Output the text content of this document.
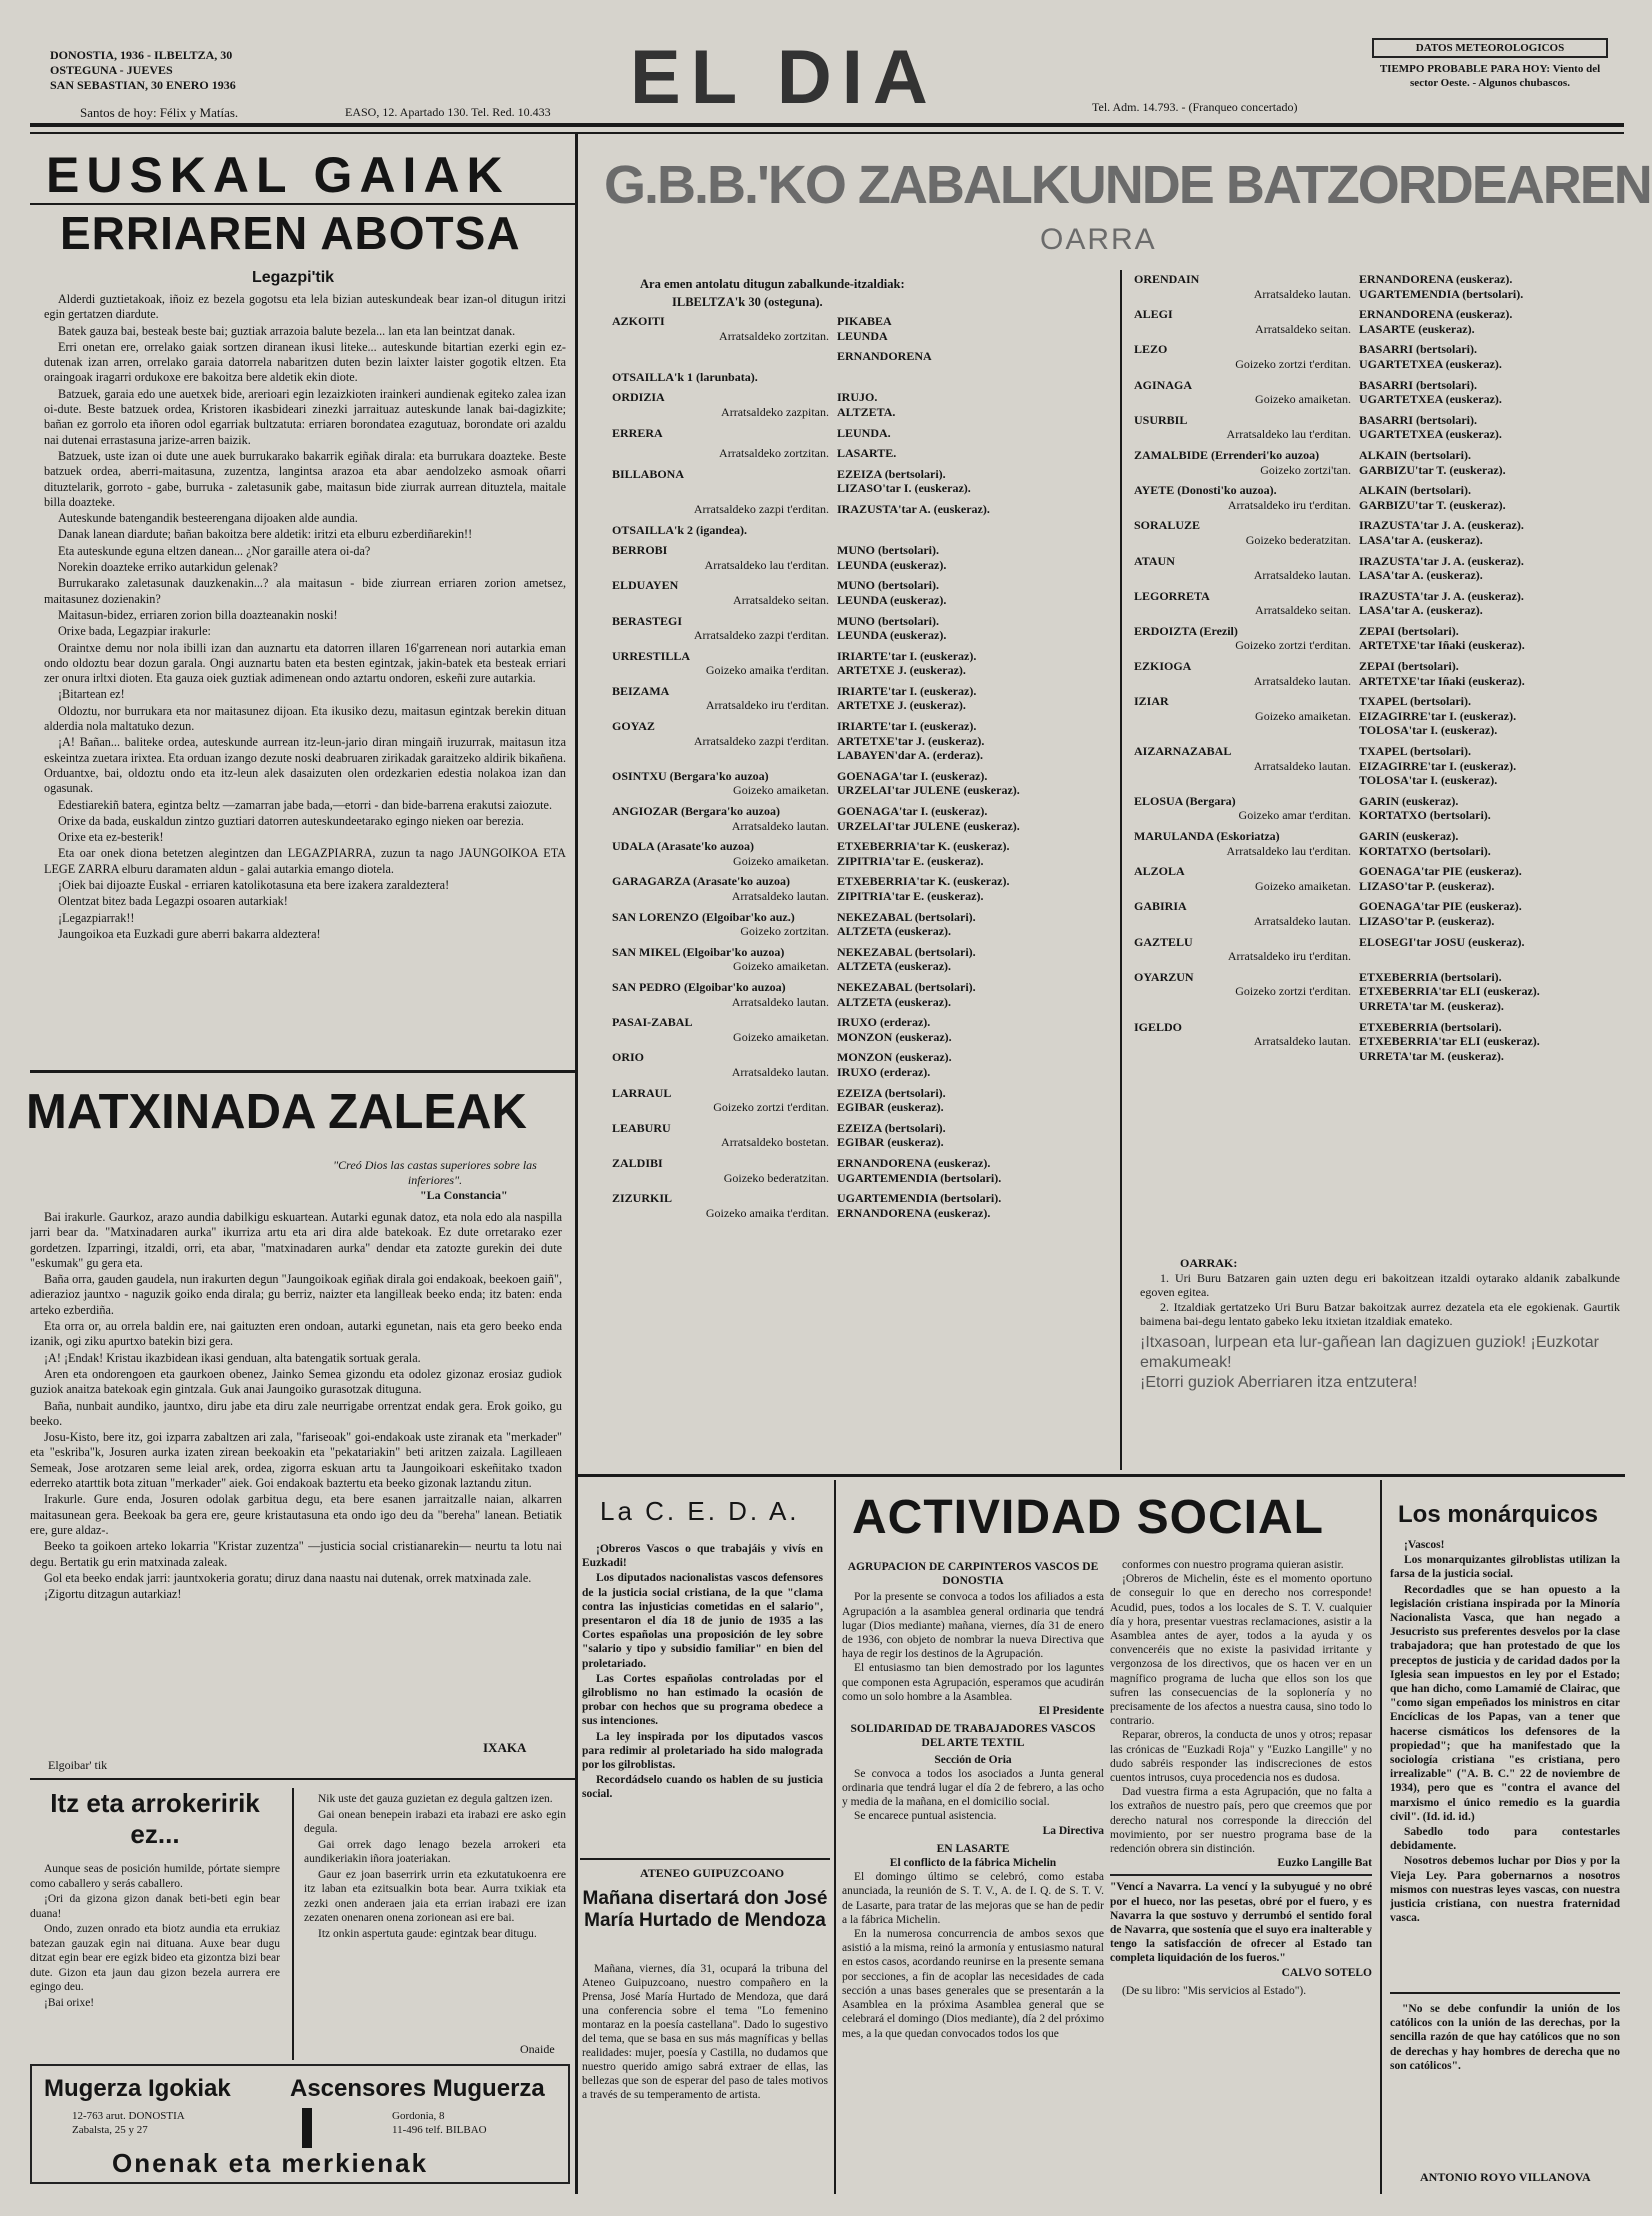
DONOSTIA, 1936 - ILBELTZA, 30
OSTEGUNA - JUEVES
SAN SEBASTIAN, 30 ENERO 1936	EL DIA	DATOS METEOROLOGICOS
TIEMPO PROBABLE PARA HOY: Viento del sector Oeste. - Algunos chubascos.
Santos de hoy: Félix y Matías.	EASO, 12. Apartado 130. Tel. Red. 10.433	Tel. Adm. 14.793. - (Franqueo concertado)
EUSKAL GAIAK
ERRIAREN ABOTSA
Legazpi'tik

Alderdi guztietakoak, iñoiz ez bezela gogotsu eta lela bizian auteskundeak bear izan-ol ditugun iritzi egin gertatzen diardute.

Batek gauza bai, besteak beste bai; guztiak arrazoia balute bezela... lan eta lan beintzat danak.

Erri onetan ere, orrelako gaiak sortzen diranean ikusi liteke... auteskunde bitartian ezerki egin ez-dutenak izan arren, orrelako garaia datorrela nabaritzen duten bezin laixter laister gogotik eltzen. Eta oraingoak iragarri ordukoxe ere bakoitza bere aldetik ekin diote.

Batzuek, garaia edo une auetxek bide, arerioari egin lezaizkioten irainkeri aundienak egiteko zalea izan oi-dute. Beste batzuek ordea, Kristoren ikasbideari zinezki jarraituaz auteskunde lanak bai-dagizkite; bañan ez gorrolo eta iñoren odol egarriak bultzatuta: erriaren borondatea ezagutuaz, borondate ori azaldu nai dutenai errastasuna jarize-arren baizik.

Batzuek, uste izan oi dute une auek burrukarako bakarrik egiñak dirala: eta burrukara doazteke. Beste batzuek ordea, aberri-maitasuna, zuzentza, langintsa arazoa eta abar aendolzeko asmoak oñarri dituztelarik, gorroto - gabe, burruka - zaletasunik gabe, maitasun bide ziurrak aurrean dituztela, maitale billa doazteke.

Auteskunde batengandik besteerengana dijoaken alde aundia.

Danak lanean diardute; bañan bakoitza bere aldetik: iritzi eta elburu ezberdiñarekin!!

Eta auteskunde eguna eltzen danean... ¿Nor garaille atera oi-da?

Norekin doazteke erriko autarkidun gelenak?

Burrukarako zaletasunak dauzkenakin...? ala maitasun - bide ziurrean erriaren zorion ametsez, maitasunez dozienakin?

Maitasun-bidez, erriaren zorion billa doazteanakin noski!

Orixe bada, Legazpiar irakurle:

Oraintxe demu nor nola ibilli izan dan auznartu eta datorren illaren 16'garrenean nori autarkia eman ondo oldoztu bear dozun garala. Ongi auznartu baten eta besten egintzak, jakin-batek eta besteak erriari zer onura irltxi dioten. Eta gauza oiek guztiak adimenean ondo aztartu ondoren, eskeñi zure autarkia.

¡Bitartean ez!

Oldoztu, nor burrukara eta nor maitasunez dijoan. Eta ikusiko dezu, maitasun egintzak berekin dituan alderdia nola maltatuko dezun.

¡A! Bañan... baliteke ordea, auteskunde aurrean itz-leun-jario diran mingaiñ iruzurrak, maitasun itza eskeintza zuetara irixtea. Eta orduan izango dezute noski deabruaren zirikadak garaitzeko aldirik bikañena. Orduantxe, bai, oldoztu ondo eta itz-leun alek dasaizuten olen ordezkarien edestia nolakoa izan dan ogasunak.

Edestiarekiñ batera, egintza beltz —zamarran jabe bada,—etorri - dan bide-barrena erakutsi zaiozute.

Orixe da bada, euskaldun zintzo guztiari datorren auteskundeetarako egingo nieken oar bereziа.

Orixe eta ez-besterik!

Eta oar onek diona betetzen alegintzen dan LEGAZPIARRA, zuzun ta nago JAUNGOIKOA ETA LEGE ZARRA elburu daramaten aldun - galai autarkia emango diotela.

¡Oiek bai dijoazte Euskal - erriaren katolikotasuna eta bere izakera zaraldeztera!

Olentzat bitez bada Legazpi osoaren autarkiak!

¡Legazpiarrak!!

Jaungoikoa eta Euzkadi gure aberri bakarra aldeztera!

MATXINADA ZALEAK
"Creó Dios las castas superiores sobre las inferiores".
"La Constancia"

Bai irakurle. Gaurkoz, arazo aundia dabilkigu eskuartean. Autarki egunak datoz, eta nola edo ala naspilla jarri bear da. "Matxinadaren aurka" ikurriza artu eta ari dira alde batekoak. Ez dute orretarako ezer gordetzen. Izparringi, itzaldi, orri, eta abar, "matxinadaren aurka" dendar eta zatozte gurekin dei dute "eskumak" gu gera eta.

Baña orra, gauden gaudela, nun irakurten degun "Jaungoikoak egiñak dirala goi endakoak, beekoen gaiñ", adierazioz jauntxo - naguzik goiko enda dirala; gu berriz, naizter eta langilleak beeko enda; itz baten: enda arteko ezberdiña.

Eta orra or, au orrela baldin ere, nai gaituzten eren ondoan, autarki egunetan, nais eta gero beeko enda izanik, ogi ziku apurtxo batekin bizi gera.

¡A! ¡Endak! Kristau ikazbidean ikasi genduan, alta batengatik sortuak gerala.

Aren eta ondorengoen eta gaurkoen obenez, Jainko Semea gizondu eta odolez gizonaz erosiaz gudiok guziok anaitza batekoak egin gintzala. Guk anai Jaungoiko gurasotzak dituguna.

Baña, nunbait aundiko, jauntxo, diru jabe eta diru zale neurrigabe orrentzat endak gera. Erok goiko, gu beeko.

Josu-Kisto, bere itz, goi izparra zabaltzen ari zala, "fariseoak" goi-endakoak uste ziranak eta "merkader" eta "eskriba"k, Josuren aurka izaten zirean beekoakin eta "pekatariakin" beti aritzen zaizala. Lagilleaen Semeak, Jose arotzaren seme leial arek, ordea, zigorra eskuan artu ta Jaungoikoari eskeñitako txadon ederreko atarttik bota zituan "merkader" aiek. Goi endakoak baztertu eta beeko gizonak laztandu zitun.

Irakurle. Gure enda, Josuren odolak garbitua degu, eta bere esanen jarraitzalle naian, alkarren maitasunean gera. Beekoak ba gera ere, geure kristautasuna eta ondo igo deu da "bereha" lanean. Betiatik ere, gure aldaz-.

Beeko ta goikoen arteko lokarria "Kristar zuzentza" —justicia social cristianarekin— neurtu ta lotu nai degu. Bertatik gu erin matxinada zaleak.

Gol eta beeko endak jarri: jauntxokeria goratu; diruz dana naastu nai dutenak, orrek matxinada zale.

¡Zigortu ditzagun autarkiaz!

IXAKA
Elgoibar' tik
Itz eta arrokeririk ez...

Aunque seas de posición humilde, pórtate siempre como caballero y serás caballero.

¡Ori da gizona gizon danak beti-beti egin bear duana!

Ondo, zuzen onrado eta biotz aundia eta errukiaz batezan gauzak egin nai dituana. Auxe bear dugu ditzat egin bear ere egizk bideo eta gizontza bizi bear dute. Gizon eta jaun dau gizon bezela aurrera ere egingo deu.

¡Bai orixe!

Nik uste det gauza guzietan ez degula galtzen izen.

Gai onean benepein irabazi eta irabazi ere asko egin degula.

Gai orrek dago lenago bezela arrokeri eta aundikeriakin iñora joateriakan.

Gaur ez joan baserrirk urrin eta ezkutatukoenra ere itz laban eta ezitsualkin bota bear. Aurra txikiak eta zezki onen anderaen jaia eta errian irabazi ere izan zezaten onenaren onena zorionean asi ere bai.

Itz onkin aspertuta gaude: egintzak bear ditugu.

Onaide
Mugerza Igokiak
12-763 arut. DONOSTIA
Zabalsta, 25 y 27
Ascensores Muguerza
Gordonia, 8
11-496 telf. BILBAO
Onenak eta merkienak
G.B.B.'KO ZABALKUNDE BATZORDEAREN
OARRA
Ara emen antolatu ditugun zabalkunde-itzaldiak:
ILBELTZA'k 30 (osteguna).
AZKOITI	PIKABEA
Arratsaldeko zortzitan. LEUNDA
ERNANDORENA
OTSAILLA'k 1 (larunbata).
ORDIZIA	IRUJO.
Arratsaldeko zazpitan. ALTZETA.
ERRERA	LEUNDA.
Arratsaldeko zortzitan. LASARTE.
BILLABONA	EZEIZA (bertsolari).
LIZASO'tar I. (euskeraz).
Arratsaldeko zazpi t'erditan. IRAZUSTA'tar A. (euskeraz).
OTSAILLA'k 2 (igandea).
BERROBI	MUNO (bertsolari).
Arratsaldeko lau t'erditan. LEUNDA (euskeraz).
ELDUAYEN	MUNO (bertsolari).
Arratsaldeko seitan. LEUNDA (euskeraz).
BERASTEGI	MUNO (bertsolari).
Arratsaldeko zazpi t'erditan. LEUNDA (euskeraz).
URRESTILLA	IRIARTE'tar I. (euskeraz).
Goizeko amaika t'erditan. ARTETXE J. (euskeraz).
BEIZAMA	IRIARTE'tar I. (euskeraz).
Arratsaldeko iru t'erditan. ARTETXE J. (euskeraz).
GOYAZ	IRIARTE'tar I. (euskeraz).
Arratsaldeko zazpi t'erditan. ARTETXE'tar J. (euskeraz).
LABAYEN'dar A. (erderaz).
OSINTXU (Bergara'ko auzoa)	GOENAGA'tar I. (euskeraz).
Goizeko amaiketan. URZELAI'tar JULENE (euskeraz).
ANGIOZAR (Bergara'ko auzoa)	GOENAGA'tar I. (euskeraz).
Arratsaldeko lautan. URZELAI'tar JULENE (euskeraz).
UDALA (Arasate'ko auzoa)	ETXEBERRIA'tar K. (euskeraz).
Goizeko amaiketan. ZIPITRIA'tar E. (euskeraz).
GARAGARZA (Arasate'ko auzoa)	ETXEBERRIA'tar K. (euskeraz).
Arratsaldeko lautan. ZIPITRIA'tar E. (euskeraz).
SAN LORENZO (Elgoibar'ko auz.)	NEKEZABAL (bertsolari).
Goizeko zortzitan. ALTZETA (euskeraz).
SAN MIKEL (Elgoibar'ko auzoa)	NEKEZABAL (bertsolari).
Goizeko amaiketan. ALTZETA (euskeraz).
SAN PEDRO (Elgoibar'ko auzoa)	NEKEZABAL (bertsolari).
Arratsaldeko lautan. ALTZETA (euskeraz).
PASAI-ZABAL	IRUXO (erderaz).
Goizeko amaiketan. MONZON (euskeraz).
ORIO	MONZON (euskeraz).
Arratsaldeko lautan. IRUXO (erderaz).
LARRAUL	EZEIZA (bertsolari).
Goizeko zortzi t'erditan. EGIBAR (euskeraz).
LEABURU	EZEIZA (bertsolari).
Arratsaldeko bostetan. EGIBAR (euskeraz).
ZALDIBI	ERNANDORENA (euskeraz).
Goizeko bederatzitan. UGARTEMENDIA (bertsolari).
ZIZURKIL	UGARTEMENDIA (bertsolari).
Goizeko amaika t'erditan. ERNANDORENA (euskeraz).
ORENDAIN	ERNANDORENA (euskeraz).
Arratsaldeko lautan. UGARTEMENDIA (bertsolari).
ALEGI	ERNANDORENA (euskeraz).
Arratsaldeko seitan. LASARTE (euskeraz).
LEZO	BASARRI (bertsolari).
Goizeko zortzi t'erditan. UGARTETXEA (euskeraz).
AGINAGA	BASARRI (bertsolari).
Goizeko amaiketan. UGARTETXEA (euskeraz).
USURBIL	BASARRI (bertsolari).
Arratsaldeko lau t'erditan. UGARTETXEA (euskeraz).
ZAMALBIDE (Errenderi'ko auzoa)	ALKAIN (bertsolari).
Goizeko zortzi'tan. GARBIZU'tar T. (euskeraz).
AYETE (Donosti'ko auzoa).	ALKAIN (bertsolari).
Arratsaldeko iru t'erditan. GARBIZU'tar T. (euskeraz).
SORALUZE	IRAZUSTA'tar J. A. (euskeraz).
Goizeko bederatzitan. LASA'tar A. (euskeraz).
ATAUN	IRAZUSTA'tar J. A. (euskeraz).
Arratsaldeko lautan. LASA'tar A. (euskeraz).
LEGORRETA	IRAZUSTA'tar J. A. (euskeraz).
Arratsaldeko seitan. LASA'tar A. (euskeraz).
ERDOIZTA (Erezil)	ZEPAI (bertsolari).
Goizeko zortzi t'erditan. ARTETXE'tar Iñaki (euskeraz).
EZKIOGA	ZEPAI (bertsolari).
Arratsaldeko lautan. ARTETXE'tar Iñaki (euskeraz).
IZIAR	TXAPEL (bertsolari).
Goizeko amaiketan. EIZAGIRRE'tar I. (euskeraz).
TOLOSA'tar I. (euskeraz).
AIZARNAZABAL	TXAPEL (bertsolari).
Arratsaldeko lautan. EIZAGIRRE'tar I. (euskeraz).
TOLOSA'tar I. (euskeraz).
ELOSUA (Bergara)	GARIN (euskeraz).
Goizeko amar t'erditan. KORTATXO (bertsolari).
MARULANDA (Eskoriatza)	GARIN (euskeraz).
Arratsaldeko lau t'erditan. KORTATXO (bertsolari).
ALZOLA	GOENAGA'tar PIE (euskeraz).
Goizeko amaiketan. LIZASO'tar P. (euskeraz).
GABIRIA	GOENAGA'tar PIE (euskeraz).
Arratsaldeko lautan. LIZASO'tar P. (euskeraz).
GAZTELU	ELOSEGI'tar JOSU (euskeraz).
Arratsaldeko iru t'erditan.
OYARZUN	ETXEBERRIA (bertsolari).
Goizeko zortzi t'erditan. ETXEBERRIA'tar ELI (euskeraz).
URRETA'tar M. (euskeraz).
IGELDO	ETXEBERRIA (bertsolari).
Arratsaldeko lautan. ETXEBERRIA'tar ELI (euskeraz).
URRETA'tar M. (euskeraz).
OARRAK:
1. Uri Buru Batzaren gain uzten degu eri bakoitzean itzaldi oytarako aldanik zabalkunde egoven egitea.
2. Itzaldiak gertatzeko Uri Buru Batzar bakoitzak aurrez dezatela eta ele egokienak. Gaurtik baimena bai-degu lentato gabeko leku itxietan itzaldiak emateko.
¡Itxasoan, lurpean eta lur-gañean lan dagizuen guziok! ¡Euzkotar emakumeak!
¡Etorri guziok Aberriaren itza entzutera!
La C. E. D. A.

¡Obreros Vascos o que trabajáis y vivís en Euzkadi!

Los diputados nacionalistas vascos defensores de la justicia social cristiana, de la que "clama contra las injusticias cometidas en el salario", presentaron el día 18 de junio de 1935 a las Cortes españolas una proposición de ley sobre "salario y tipo y subsidio familiar" en bien del proletariado.

Las Cortes españolas controladas por el gilroblismo no han estimado la ocasión de probar con hechos que su programa obedece a sus intenciones.

La ley inspirada por los diputados vascos para redimir al proletariado ha sido malograda por los gilroblistas.

Recordádselo cuando os hablen de su justicia social.

ATENEO GUIPUZCOANO
Mañana disertará don José María Hurtado de Mendoza
Mañana, viernes, día 31, ocupará la tribuna del Ateneo Guipuzcoano, nuestro compañero en la Prensa, José María Hurtado de Mendoza, que dará una conferencia sobre el tema "Lo femenino montaraz en la poesía castellana". Dado lo sugestivo del tema, que se basa en sus más magníficas y bellas realidades: mujer, poesía y Castilla, no dudamos que nuestro querido amigo sabrá extraer de ellas, las bellezas que son de esperar del paso de tales motivos a través de su temperamento de artista.
ACTIVIDAD SOCIAL
AGRUPACION DE CARPINTEROS VASCOS DE DONOSTIA
Por la presente se convoca a todos los afiliados a esta Agrupación a la asamblea general ordinaria que tendrá lugar (Dios mediante) mañana, viernes, día 31 de enero de 1936, con objeto de nombrar la nueva Directiva que haya de regir los destinos de la Agrupación.
El entusiasmo tan bien demostrado por los laguntes que componen esta Agrupación, esperamos que acudirán como un solo hombre a la Asamblea.
El Presidente
SOLIDARIDAD DE TRABAJADORES VASCOS DEL ARTE TEXTIL
Sección de Oria
Se convoca a todos los asociados a Junta general ordinaria que tendrá lugar el día 2 de febrero, a las ocho y media de la mañana, en el domicilio social.
Se encarece puntual asistencia.
La Directiva
EN LASARTE
El conflicto de la fábrica Michelin
El domingo último se celebró, como estaba anunciada, la reunión de S. T. V., A. de I. Q. de S. T. V. de Lasarte, para tratar de las mejoras que se han de pedir a la fábrica Michelin.
En la numerosa concurrencia de ambos sexos que asistió a la misma, reinó la armonía y entusiasmo natural en estos casos, acordando reunirse en la presente semana por secciones, a fin de acoplar las necesidades de cada sección a unas bases generales que se presentarán a la Asamblea en la próxima Asamblea general que se celebrará el domingo (Dios mediante), día 2 del próximo mes, a la que quedan convocados todos los que
conformes con nuestro programa quieran asistir.
¡Obreros de Michelin, éste es el momento oportuno de conseguir lo que en derecho nos corresponde! Acudid, pues, todos a los locales de S. T. V. cualquier día y hora, presentar vuestras reclamaciones, asistir a la Asamblea antes de ayer, todos a la ayuda y os convenceréis que no existe la pasividad irritante y vergonzosa de los directivos, que os hacen ver en un magnífico programa de lucha que ellos son los que sufren las consecuencias de la soplonería y no precisamente de los afectos a nuestra causa, sino todo lo contrario.
Reparar, obreros, la conducta de unos y otros; repasar las crónicas de "Euzkadi Roja" y "Euzko Langille" y no dudo sabréis responder las indiscreciones de estos cuentos intrusos, cuya procedencia nos es dudosa.
Dad vuestra firma a esta Agrupación, que no falta a los extraños de nuestro país, pero que creemos que por derecho natural nos corresponde la dirección del movimiento, por ser nuestro programa base de la redención obrera sin distinción.
Euzko Langille Bat
"Vencí a Navarra. La vencí y la subyugué y no obré por el hueco, nor las pesetas, obré por el fuero, y es Navarra la que sostuvo y derrumbó el sentido foral de Navarra, que sostenía que el suyo era inalterable y tengo la satisfacción de ofrecer al Estado tan completa liquidación de los fueros."
CALVO SOTELO
(De su libro: "Mis servicios al Estado").
Los monárquicos

¡Vascos!

Los monarquizantes gilroblistas utilizan la farsa de la justicia social.

Recordadles que se han opuesto a la legislación cristiana inspirada por la Minoría Nacionalista Vasca, que han negado a Jesucristo sus preferentes desvelos por la clase trabajadora; que han protestado de que los preceptos de justicia y de caridad dados por la Iglesia sean impuestos en ley por el Estado; que han dicho, como Lamamié de Clairac, que "como sigan empeñados los ministros en citar Encíclicas de los Papas, van a tener que hacerse cismáticos los defensores de la propiedad"; que ha manifestado que la sociología cristiana "es cristiana, pero irrealizable" ("A. B. C." 22 de noviembre de 1934), pero que es "contra el avance del marxismo el único remedio es la guardia civil". (Id. id. id.)

Sabedlo todo para contestarles debidamente.

Nosotros debemos luchar por Dios y por la Vieja Ley. Para gobernarnos a nosotros mismos con nuestras leyes vascas, con nuestra justicia cristiana, con nuestra fraternidad vasca.

"No se debe confundir la unión de los católicos con la unión de las derechas, por la sencilla razón de que hay católicos que no son de derechas y hay hombres de derecha que no son católicos".
ANTONIO ROYO VILLANOVA
